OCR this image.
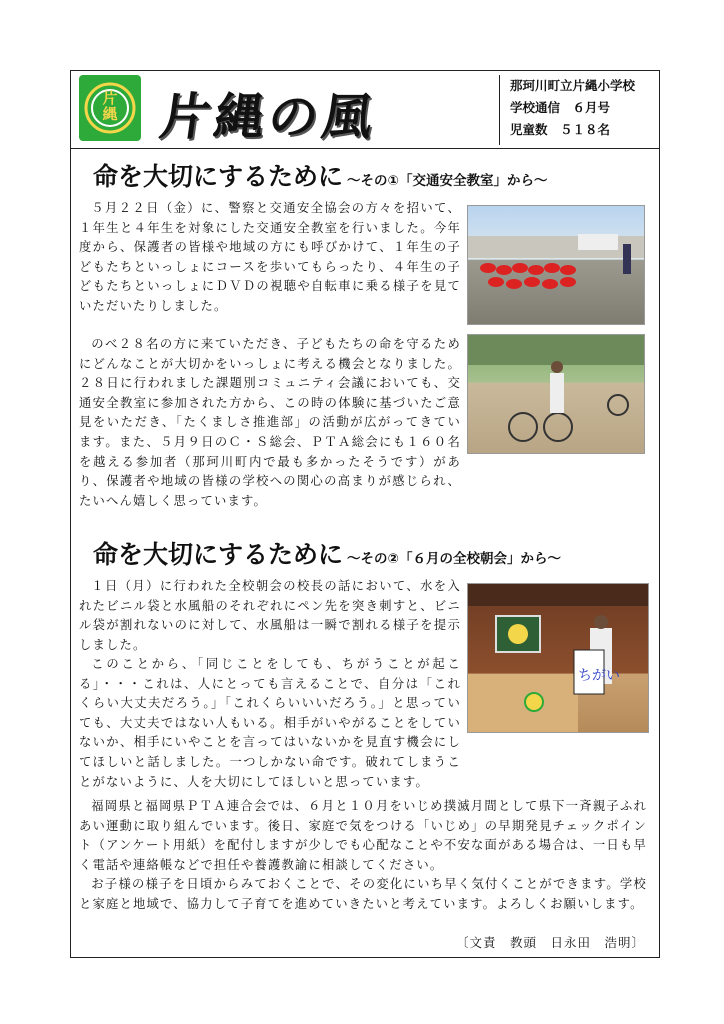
片縄 片縄の風
那珂川町立片縄小学校
学校通信　６月号
児童数　５１８名
命を大切にするために ～その①「交通安全教室」から～

５月２２日（金）に、警察と交通安全協会の方々を招いて、１年生と４年生を対象にした交通安全教室を行いました。今年度から、保護者の皆様や地域の方にも呼びかけて、１年生の子どもたちといっしょにコースを歩いてもらったり、４年生の子どもたちといっしょにＤＶＤの視聴や自転車に乗る様子を見ていただいたりしました。

のべ２８名の方に来ていただき、子どもたちの命を守るためにどんなことが大切かをいっしょに考える機会となりました。２８日に行われました課題別コミュニティ会議においても、交通安全教室に参加された方から、この時の体験に基づいたご意見をいただき、「たくましさ推進部」の活動が広がってきています。また、５月９日のＣ・Ｓ総会、ＰＴＡ総会にも１６０名を越える参加者（那珂川町内で最も多かったそうです）があり、保護者や地域の皆様の学校への関心の高まりが感じられ、たいへん嬉しく思っています。

命を大切にするために ～その②「６月の全校朝会」から～
ちがい

１日（月）に行われた全校朝会の校長の話において、水を入れたビニル袋と水風船のそれぞれにペン先を突き刺すと、ビニル袋が割れないのに対して、水風船は一瞬で割れる様子を提示しました。

このことから、「同じことをしても、ちがうことが起こる」・・・これは、人にとっても言えることで、自分は「これくらい大丈夫だろう。」「これくらいいいだろう。」と思っていても、大丈夫ではない人もいる。相手がいやがることをしていないか、相手にいやことを言ってはいないかを見直す機会にしてほしいと話しました。一つしかない命です。破れてしまうことがないように、人を大切にしてほしいと思っています。

福岡県と福岡県ＰＴＡ連合会では、６月と１０月をいじめ撲滅月間として県下一斉親子ふれあい運動に取り組んでいます。後日、家庭で気をつける「いじめ」の早期発見チェックポイント（アンケート用紙）を配付しますが少しでも心配なことや不安な面がある場合は、一日も早く電話や連絡帳などで担任や養護教諭に相談してください。

お子様の様子を日頃からみておくことで、その変化にいち早く気付くことができます。学校と家庭と地域で、協力して子育てを進めていきたいと考えています。よろしくお願いします。

〔文責　教頭　日永田　浩明〕
